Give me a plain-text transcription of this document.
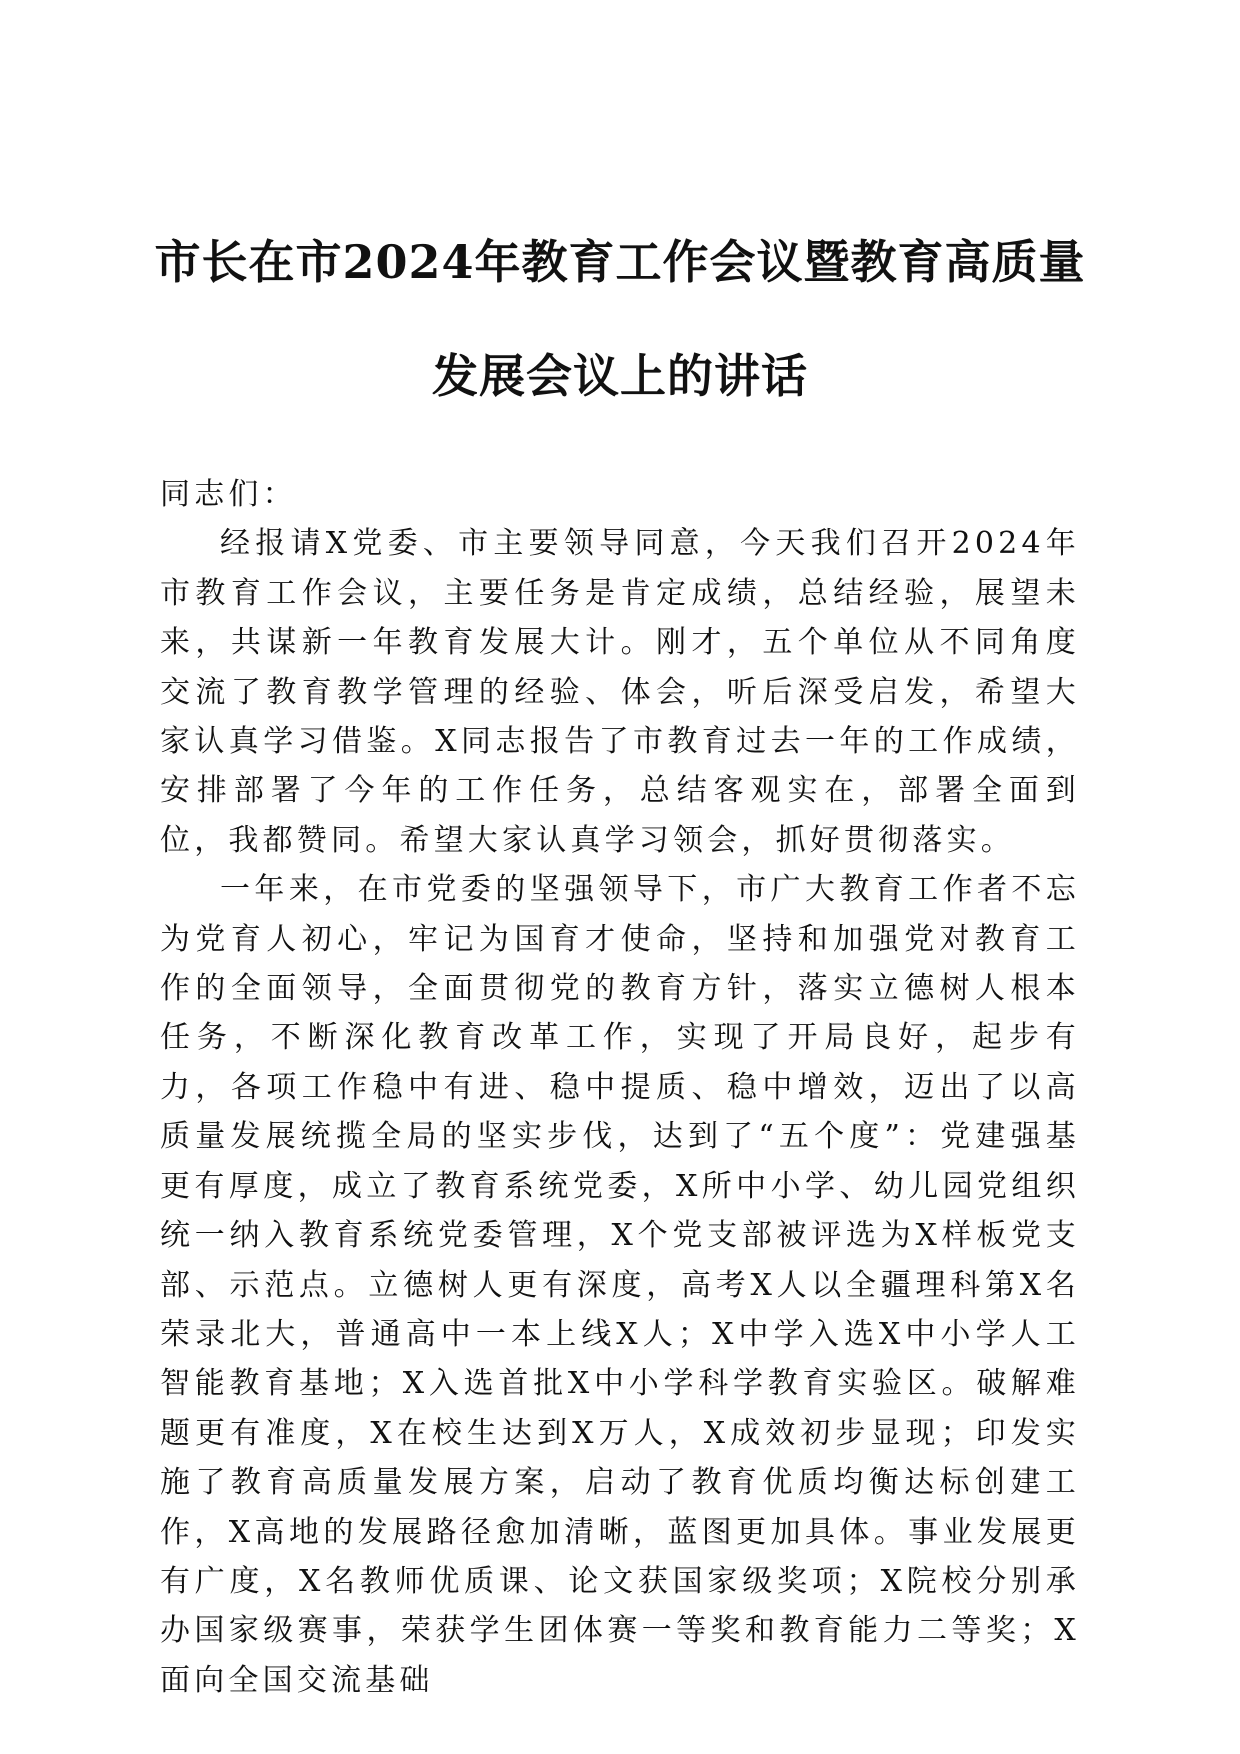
市长在市2024年教育工作会议暨教育高质量
发展会议上的讲话

同志们：

经报请X党委、市主要领导同意，今天我们召开2024年市教育工作会议，主要任务是肯定成绩，总结经验，展望未来，共谋新一年教育发展大计。刚才，五个单位从不同角度交流了教育教学管理的经验、体会，听后深受启发，希望大家认真学习借鉴。X同志报告了市教育过去一年的工作成绩，安排部署了今年的工作任务，总结客观实在，部署全面到位，我都赞同。希望大家认真学习领会，抓好贯彻落实。

一年来，在市党委的坚强领导下，市广大教育工作者不忘为党育人初心，牢记为国育才使命，坚持和加强党对教育工作的全面领导，全面贯彻党的教育方针，落实立德树人根本任务，不断深化教育改革工作，实现了开局良好，起步有力，各项工作稳中有进、稳中提质、稳中增效，迈出了以高质量发展统揽全局的坚实步伐，达到了“五个度”：党建强基更有厚度，成立了教育系统党委，X所中小学、幼儿园党组织统一纳入教育系统党委管理，X个党支部被评选为X样板党支部、示范点。立德树人更有深度，高考X人以全疆理科第X名荣录北大，普通高中一本上线X人；X中学入选X中小学人工智能教育基地；X入选首批X中小学科学教育实验区。破解难题更有准度，X在校生达到X万人，X成效初步显现；印发实施了教育高质量发展方案，启动了教育优质均衡达标创建工作，X高地的发展路径愈加清晰，蓝图更加具体。事业发展更有广度，X名教师优质课、论文获国家级奖项；X院校分别承办国家级赛事，荣获学生团体赛一等奖和教育能力二等奖；X面向全国交流基础
